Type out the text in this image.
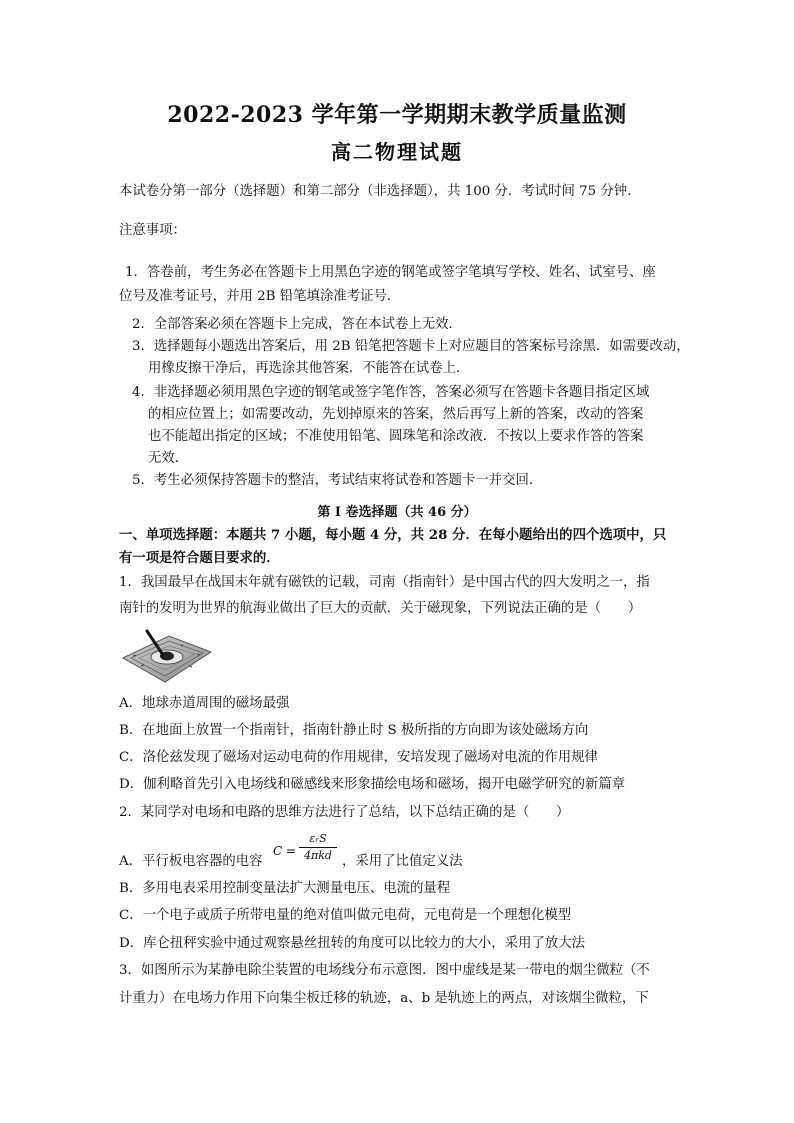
2022-2023 学年第一学期期末教学质量监测
高二物理试题
本试卷分第一部分（选择题）和第二部分（非选择题），共 100 分．考试时间 75 分钟．
注意事项：
1．答卷前，考生务必在答题卡上用黑色字迹的钢笔或签字笔填写学校、姓名、试室号、座
位号及准考证号，并用 2B 铅笔填涂准考证号．
2．全部答案必须在答题卡上完成，答在本试卷上无效．
3．选择题每小题选出答案后，用 2B 铅笔把答题卡上对应题目的答案标号涂黑．如需要改动，
用橡皮擦干净后，再选涂其他答案．不能答在试卷上．
4．非选择题必须用黑色字迹的钢笔或签字笔作答，答案必须写在答题卡各题目指定区域
的相应位置上；如需要改动，先划掉原来的答案，然后再写上新的答案，改动的答案
也不能超出指定的区域；不准使用铅笔、圆珠笔和涂改液．不按以上要求作答的答案
无效．
5．考生必须保持答题卡的整洁，考试结束将试卷和答题卡一并交回．
第 I 卷选择题（共 46 分）
一、单项选择题：本题共 7 小题，每小题 4 分，共 28 分．在每小题给出的四个选项中，只
有一项是符合题目要求的．
1．我国最早在战国末年就有磁铁的记载，司南（指南针）是中国古代的四大发明之一，指
南针的发明为世界的航海业做出了巨大的贡献．关于磁现象，下列说法正确的是（　　）
A．地球赤道周围的磁场最强
B．在地面上放置一个指南针，指南针静止时 S 极所指的方向即为该处磁场方向
C．洛伦兹发现了磁场对运动电荷的作用规律，安培发现了磁场对电流的作用规律
D．伽利略首先引入电场线和磁感线来形象描绘电场和磁场，揭开电磁学研究的新篇章
2．某同学对电场和电路的思维方法进行了总结，以下总结正确的是（　　）
A．平行板电容器的电容
C =
εᵣS
4πkd ，采用了比值定义法
B．多用电表采用控制变量法扩大测量电压、电流的量程
C．一个电子或质子所带电量的绝对值叫做元电荷，元电荷是一个理想化模型
D．库仑扭秤实验中通过观察悬丝扭转的角度可以比较力的大小，采用了放大法
3．如图所示为某静电除尘装置的电场线分布示意图．图中虚线是某一带电的烟尘微粒（不
计重力）在电场力作用下向集尘板迁移的轨迹，a、b 是轨迹上的两点，对该烟尘微粒，下
